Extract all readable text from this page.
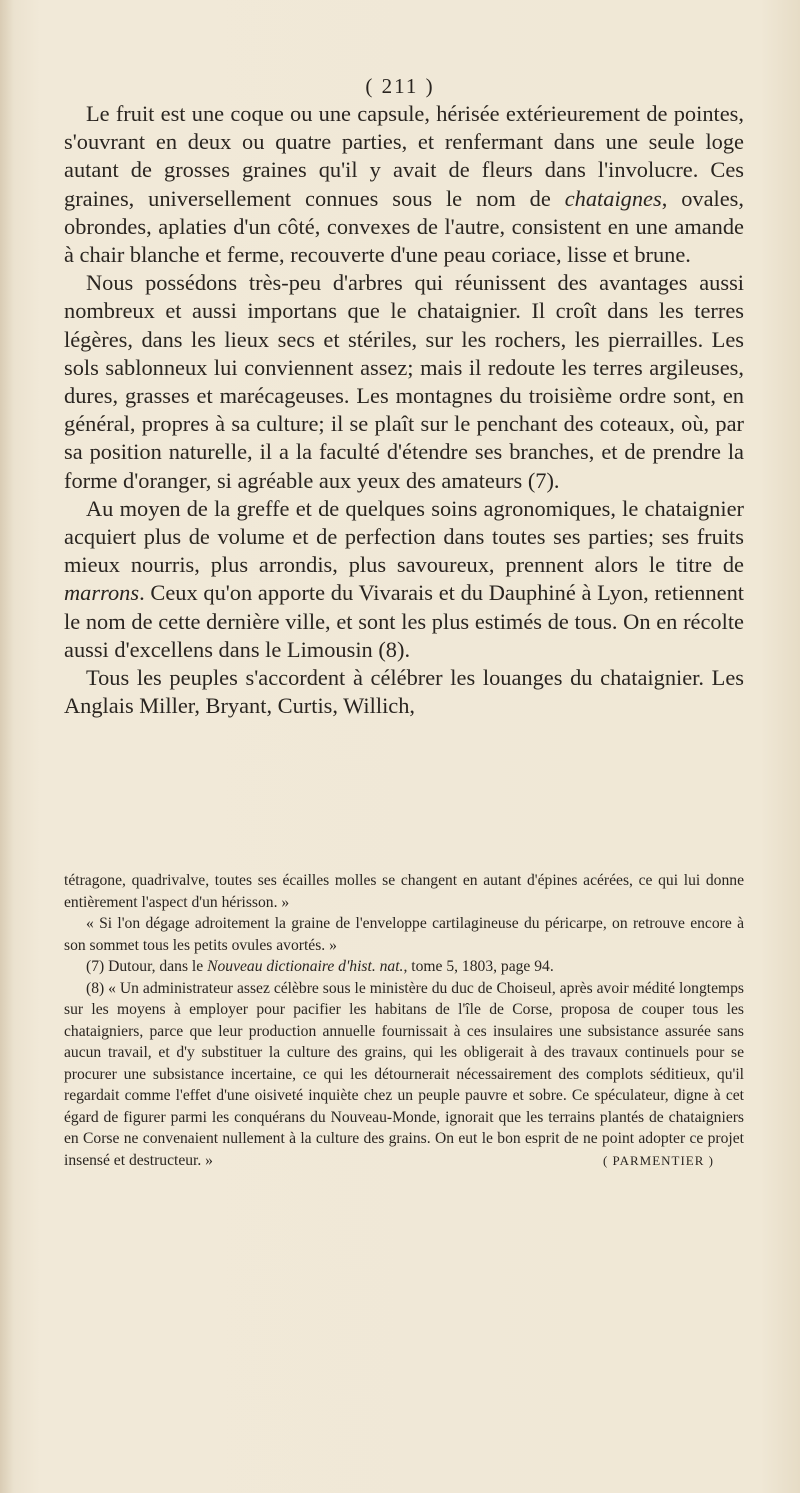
( 211 )

Le fruit est une coque ou une capsule, hérisée extérieurement de pointes, s'ouvrant en deux ou quatre parties, et renfermant dans une seule loge autant de grosses graines qu'il y avait de fleurs dans l'involucre. Ces graines, universellement connues sous le nom de chataignes, ovales, obrondes, aplaties d'un côté, convexes de l'autre, consistent en une amande à chair blanche et ferme, recouverte d'une peau coriace, lisse et brune.

Nous possédons très-peu d'arbres qui réunissent des avantages aussi nombreux et aussi importans que le chataignier. Il croît dans les terres légères, dans les lieux secs et stériles, sur les rochers, les pierrailles. Les sols sablonneux lui conviennent assez; mais il redoute les terres argileuses, dures, grasses et marécageuses. Les montagnes du troisième ordre sont, en général, propres à sa culture; il se plaît sur le penchant des coteaux, où, par sa position naturelle, il a la faculté d'étendre ses branches, et de prendre la forme d'oranger, si agréable aux yeux des amateurs (7).

Au moyen de la greffe et de quelques soins agronomiques, le chataignier acquiert plus de volume et de perfection dans toutes ses parties; ses fruits mieux nourris, plus arrondis, plus savoureux, prennent alors le titre de marrons. Ceux qu'on apporte du Vivarais et du Dauphiné à Lyon, retiennent le nom de cette dernière ville, et sont les plus estimés de tous. On en récolte aussi d'excellens dans le Limousin (8).

Tous les peuples s'accordent à célébrer les louanges du chataignier. Les Anglais Miller, Bryant, Curtis, Willich,

tétragone, quadrivalve, toutes ses écailles molles se changent en autant d'épines acérées, ce qui lui donne entièrement l'aspect d'un hérisson. »

« Si l'on dégage adroitement la graine de l'enveloppe cartilagineuse du péricarpe, on retrouve encore à son sommet tous les petits ovules avortés. »

(7) Dutour, dans le Nouveau dictionaire d'hist. nat., tome 5, 1803, page 94.

(8) « Un administrateur assez célèbre sous le ministère du duc de Choiseul, après avoir médité longtemps sur les moyens à employer pour pacifier les habitans de l'île de Corse, proposa de couper tous les chataigniers, parce que leur production annuelle fournissait à ces insulaires une subsistance assurée sans aucun travail, et d'y substituer la culture des grains, qui les obligerait à des travaux continuels pour se procurer une subsistance incertaine, ce qui les détournerait nécessairement des complots séditieux, qu'il regardait comme l'effet d'une oisiveté inquiète chez un peuple pauvre et sobre. Ce spéculateur, digne à cet égard de figurer parmi les conquérans du Nouveau-Monde, ignorait que les terrains plantés de chataigniers en Corse ne convenaient nullement à la culture des grains. On eut le bon esprit de ne point adopter ce projet insensé et destructeur. »	( PARMENTIER )
